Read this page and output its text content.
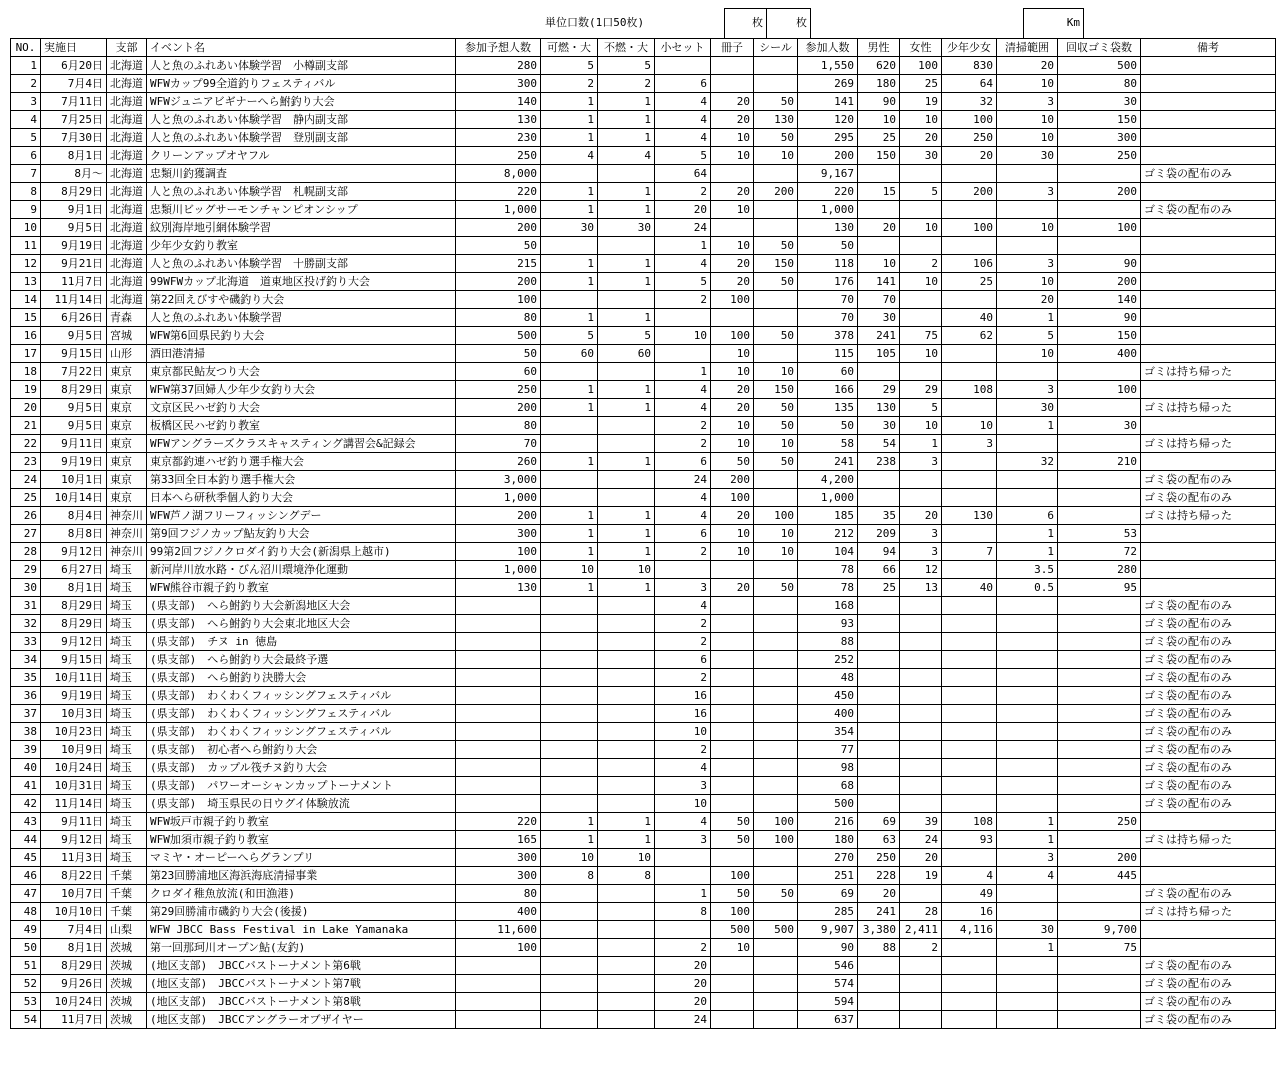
単位口数(1口50枚)	枚	枚	Km
NO.	実施日	支部	イベント名	参加予想人数	可燃・大	不燃・大	小セット	冊子	シール	参加人数	男性	女性	少年少女	清掃範囲	回収ゴミ袋数	備考
1	6月20日	北海道	人と魚のふれあい体験学習　小樽副支部	280	5	5				1,550	620	100	830	20	500	
2	7月4日	北海道	WFWカップ99全道釣りフェスティバル	300	2	2	6			269	180	25	64	10	80	
3	7月11日	北海道	WFWジュニアビギナーへら鮒釣り大会	140	1	1	4	20	50	141	90	19	32	3	30	
4	7月25日	北海道	人と魚のふれあい体験学習　静内副支部	130	1	1	4	20	130	120	10	10	100	10	150	
5	7月30日	北海道	人と魚のふれあい体験学習　登別副支部	230	1	1	4	10	50	295	25	20	250	10	300	
6	8月1日	北海道	クリーンアップオヤフル	250	4	4	5	10	10	200	150	30	20	30	250	
7	8月～	北海道	忠類川釣獲調査	8,000			64			9,167						ゴミ袋の配布のみ
8	8月29日	北海道	人と魚のふれあい体験学習　札幌副支部	220	1	1	2	20	200	220	15	5	200	3	200	
9	9月1日	北海道	忠類川ビッグサーモンチャンピオンシップ	1,000	1	1	20	10		1,000						ゴミ袋の配布のみ
10	9月5日	北海道	紋別海岸地引網体験学習	200	30	30	24			130	20	10	100	10	100	
11	9月19日	北海道	少年少女釣り教室	50			1	10	50	50						
12	9月21日	北海道	人と魚のふれあい体験学習　十勝副支部	215	1	1	4	20	150	118	10	2	106	3	90	
13	11月7日	北海道	99WFWカップ北海道　道東地区投げ釣り大会	200	1	1	5	20	50	176	141	10	25	10	200	
14	11月14日	北海道	第22回えびすや磯釣り大会	100			2	100		70	70			20	140	
15	6月26日	青森	人と魚のふれあい体験学習	80	1	1				70	30		40	1	90	
16	9月5日	宮城	WFW第6回県民釣り大会	500	5	5	10	100	50	378	241	75	62	5	150	
17	9月15日	山形	酒田港清掃	50	60	60		10		115	105	10		10	400	
18	7月22日	東京	東京都民鮎友つり大会	60			1	10	10	60						ゴミは持ち帰った
19	8月29日	東京	WFW第37回婦人少年少女釣り大会	250	1	1	4	20	150	166	29	29	108	3	100	
20	9月5日	東京	文京区民ハゼ釣り大会	200	1	1	4	20	50	135	130	5		30		ゴミは持ち帰った
21	9月5日	東京	板橋区民ハゼ釣り教室	80			2	10	50	50	30	10	10	1	30	
22	9月11日	東京	WFWアングラーズクラスキャスティング講習会&記録会	70			2	10	10	58	54	1	3			ゴミは持ち帰った
23	9月19日	東京	東京都釣連ハゼ釣り選手権大会	260	1	1	6	50	50	241	238	3		32	210	
24	10月1日	東京	第33回全日本釣り選手権大会	3,000			24	200		4,200						ゴミ袋の配布のみ
25	10月14日	東京	日本へら研秋季個人釣り大会	1,000			4	100		1,000						ゴミ袋の配布のみ
26	8月4日	神奈川	WFW芦ノ湖フリーフィッシングデー	200	1	1	4	20	100	185	35	20	130	6		ゴミは持ち帰った
27	8月8日	神奈川	第9回フジノカップ鮎友釣り大会	300	1	1	6	10	10	212	209	3		1	53	
28	9月12日	神奈川	99第2回フジノクロダイ釣り大会(新潟県上越市)	100	1	1	2	10	10	104	94	3	7	1	72	
29	6月27日	埼玉	新河岸川放水路・びん沼川環境浄化運動	1,000	10	10				78	66	12		3.5	280	
30	8月1日	埼玉	WFW熊谷市親子釣り教室	130	1	1	3	20	50	78	25	13	40	0.5	95	
31	8月29日	埼玉	(県支部)　へら鮒釣り大会新潟地区大会				4			168						ゴミ袋の配布のみ
32	8月29日	埼玉	(県支部)　へら鮒釣り大会東北地区大会				2			93						ゴミ袋の配布のみ
33	9月12日	埼玉	(県支部)　チヌ in 徳島				2			88						ゴミ袋の配布のみ
34	9月15日	埼玉	(県支部)　へら鮒釣り大会最終予選				6			252						ゴミ袋の配布のみ
35	10月11日	埼玉	(県支部)　へら鮒釣り決勝大会				2			48						ゴミ袋の配布のみ
36	9月19日	埼玉	(県支部)　わくわくフィッシングフェスティバル				16			450						ゴミ袋の配布のみ
37	10月3日	埼玉	(県支部)　わくわくフィッシングフェスティバル				16			400						ゴミ袋の配布のみ
38	10月23日	埼玉	(県支部)　わくわくフィッシングフェスティバル				10			354						ゴミ袋の配布のみ
39	10月9日	埼玉	(県支部)　初心者へら鮒釣り大会				2			77						ゴミ袋の配布のみ
40	10月24日	埼玉	(県支部)　カップル筏チヌ釣り大会				4			98						ゴミ袋の配布のみ
41	10月31日	埼玉	(県支部)　パワーオーシャンカップトーナメント				3			68						ゴミ袋の配布のみ
42	11月14日	埼玉	(県支部)　埼玉県民の日ウグイ体験放流				10			500						ゴミ袋の配布のみ
43	9月11日	埼玉	WFW坂戸市親子釣り教室	220	1	1	4	50	100	216	69	39	108	1	250	
44	9月12日	埼玉	WFW加須市親子釣り教室	165	1	1	3	50	100	180	63	24	93	1		ゴミは持ち帰った
45	11月3日	埼玉	マミヤ・オーピーへらグランプリ	300	10	10				270	250	20		3	200	
46	8月22日	千葉	第23回勝浦地区海浜海底清掃事業	300	8	8		100		251	228	19	4	4	445	
47	10月7日	千葉	クロダイ稚魚放流(和田漁港)	80			1	50	50	69	20		49			ゴミ袋の配布のみ
48	10月10日	千葉	第29回勝浦市磯釣り大会(後援)	400			8	100		285	241	28	16			ゴミは持ち帰った
49	7月4日	山梨	WFW JBCC Bass Festival in Lake Yamanaka	11,600				500	500	9,907	3,380	2,411	4,116	30	9,700	
50	8月1日	茨城	第一回那珂川オープン鮎(友釣)	100			2	10		90	88	2		1	75	
51	8月29日	茨城	(地区支部)　JBCCバストーナメント第6戦				20			546						ゴミ袋の配布のみ
52	9月26日	茨城	(地区支部)　JBCCバストーナメント第7戦				20			574						ゴミ袋の配布のみ
53	10月24日	茨城	(地区支部)　JBCCバストーナメント第8戦				20			594						ゴミ袋の配布のみ
54	11月7日	茨城	(地区支部)　JBCCアングラーオブザイヤー				24			637						ゴミ袋の配布のみ
